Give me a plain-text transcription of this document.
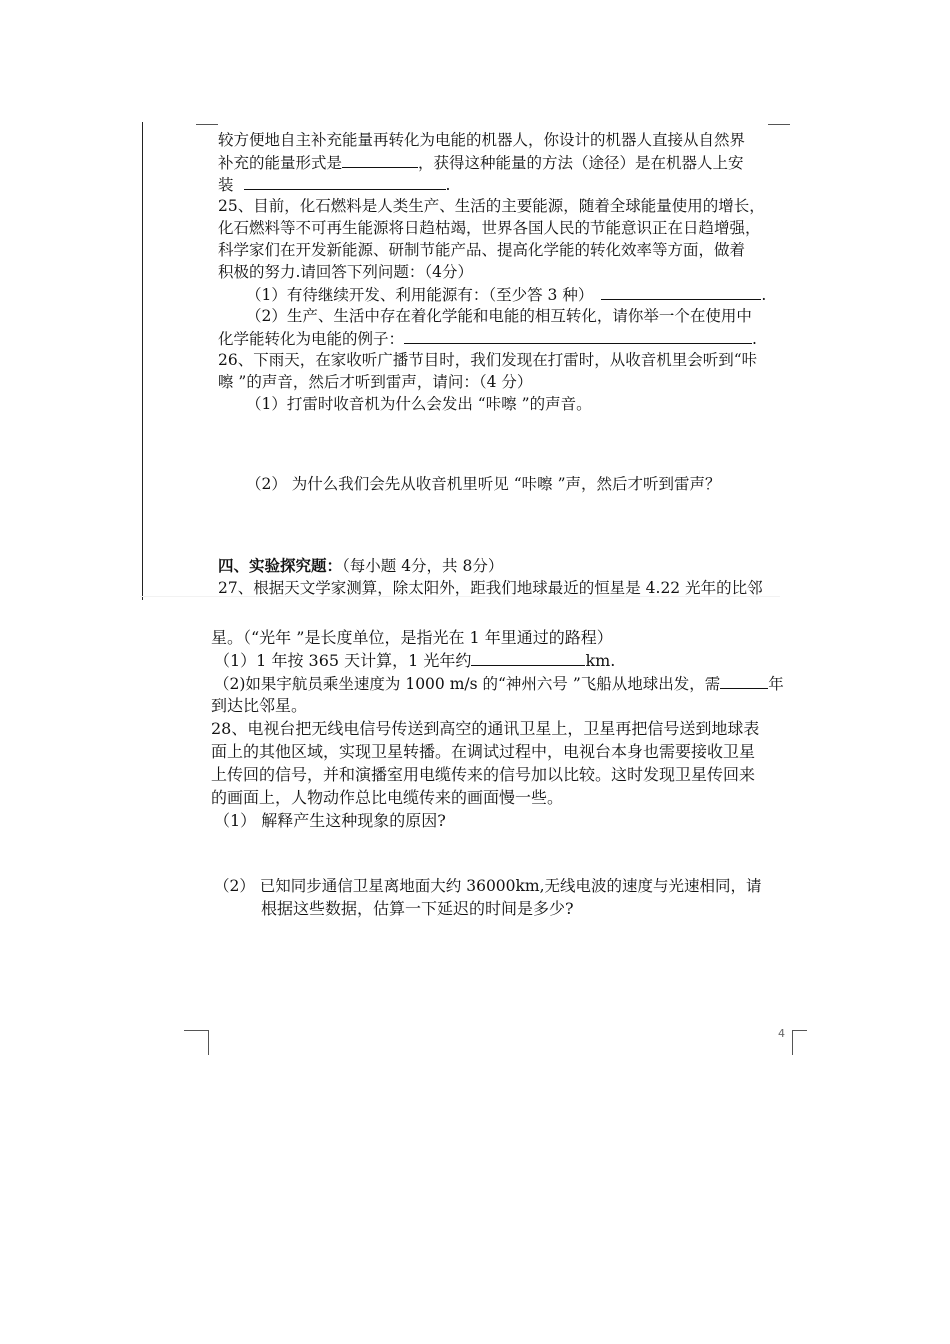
较方便地自主补充能量再转化为电能的机器人，你设计的机器人直接从自然界
补充的能量形式是	，获得这种能量的方法（途径）是在机器人上安
装	.
25、目前，化石燃料是人类生产、生活的主要能源，随着全球能量使用的增长，
化石燃料等不可再生能源将日趋枯竭，世界各国人民的节能意识正在日趋增强，
科学家们在开发新能源、研制节能产品、提高化学能的转化效率等方面，做着
积极的努力.请回答下列问题：（4分）
（1）有待继续开发、利用能源有：（至少答 3 种）	.
（2）生产、生活中存在着化学能和电能的相互转化，请你举一个在使用中
化学能转化为电能的例子：	.
26、下雨天，在家收听广播节目时，我们发现在打雷时，从收音机里会听到“咔
嚓 ”的声音，然后才听到雷声，请问：（4 分）
（1）打雷时收音机为什么会发出 “咔嚓 ”的声音。
（2） 为什么我们会先从收音机里听见 “咔嚓 ”声，然后才听到雷声？
四、实验探究题：（每小题 4分，共 8分）
27、根据天文学家测算，除太阳外，距我们地球最近的恒星是 4.22 光年的比邻
星。（“光年 ”是长度单位，是指光在 1 年里通过的路程）
（1）1 年按 365 天计算，1 光年约	km.
（2)如果宇航员乘坐速度为 1000 m/s 的“神州六号 ”飞船从地球出发，需	年
到达比邻星。
28、电视台把无线电信号传送到高空的通讯卫星上，卫星再把信号送到地球表
面上的其他区域，实现卫星转播。在调试过程中，电视台本身也需要接收卫星
上传回的信号，并和演播室用电缆传来的信号加以比较。这时发现卫星传回来
的画面上，人物动作总比电缆传来的画面慢一些。
（1） 解释产生这种现象的原因?
（2） 已知同步通信卫星离地面大约 36000km,无线电波的速度与光速相同，请
根据这些数据，估算一下延迟的时间是多少?
4
